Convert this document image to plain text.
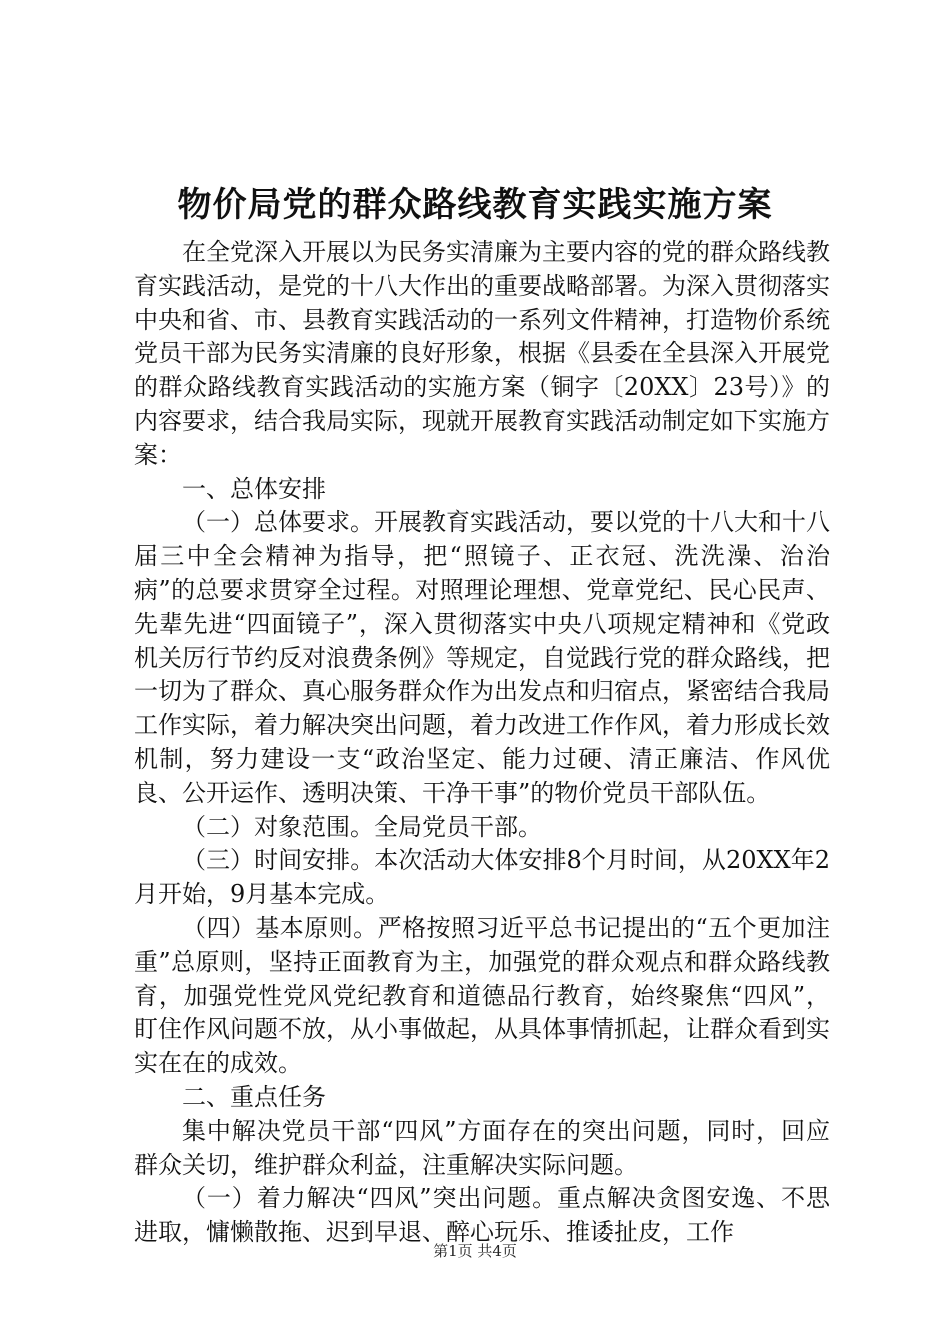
物价局党的群众路线教育实践实施方案

在全党深入开展以为民务实清廉为主要内容的党的群众路线教育实践活动，是党的十八大作出的重要战略部署。为深入贯彻落实中央和省、市、县教育实践活动的一系列文件精神，打造物价系统党员干部为民务实清廉的良好形象，根据《县委在全县深入开展党的群众路线教育实践活动的实施方案（铜字〔20XX〕23号）》的内容要求，结合我局实际，现就开展教育实践活动制定如下实施方案：

一、总体安排

（一）总体要求。开展教育实践活动，要以党的十八大和十八届三中全会精神为指导，把“照镜子、正衣冠、洗洗澡、治治病”的总要求贯穿全过程。对照理论理想、党章党纪、民心民声、先辈先进“四面镜子”，深入贯彻落实中央八项规定精神和《党政机关厉行节约反对浪费条例》等规定，自觉践行党的群众路线，把一切为了群众、真心服务群众作为出发点和归宿点，紧密结合我局工作实际，着力解决突出问题，着力改进工作作风，着力形成长效机制，努力建设一支“政治坚定、能力过硬、清正廉洁、作风优良、公开运作、透明决策、干净干事”的物价党员干部队伍。

（二）对象范围。全局党员干部。

（三）时间安排。本次活动大体安排8个月时间，从20XX年2月开始，9月基本完成。

（四）基本原则。严格按照习近平总书记提出的“五个更加注重”总原则，坚持正面教育为主，加强党的群众观点和群众路线教育，加强党性党风党纪教育和道德品行教育，始终聚焦“四风”，盯住作风问题不放，从小事做起，从具体事情抓起，让群众看到实实在在的成效。

二、重点任务

集中解决党员干部“四风”方面存在的突出问题，同时，回应群众关切，维护群众利益，注重解决实际问题。

（一）着力解决“四风”突出问题。重点解决贪图安逸、不思进取，慵懒散拖、迟到早退、醉心玩乐、推诿扯皮，工作

第1页 共4页
